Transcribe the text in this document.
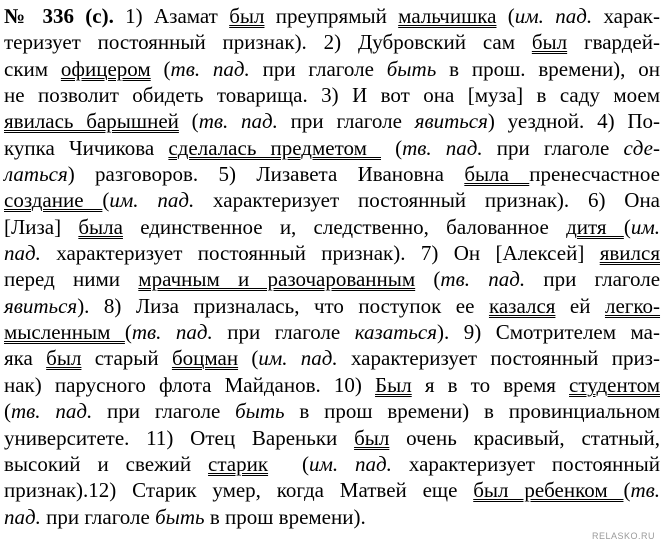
№ 336 (с). 1) Азамат был преупрямый мальчишка (им. пад. харак-
теризует постоянный признак). 2) Дубровский сам был гвардей-
ским офицером (тв. пад. при глаголе быть в прош. времени), он
не позволит обидеть товарища. 3) И вот она [муза] в саду моем
явилась барышней (тв. пад. при глаголе явиться) уездной. 4) По-
купка Чичикова сделалась предметом  (тв. пад. при глаголе сде-
латься) разговоров. 5) Лизавета Ивановна была пренесчастное
создание (им. пад. характеризует постоянный признак). 6) Она
[Лиза] была единственное и, следственно, балованное дитя (им.
пад. характеризует постоянный признак). 7) Он [Алексей] явился
перед ними мрачным и разочарованным (тв. пад. при глаголе
явиться). 8) Лиза призналась, что поступок ее казался ей легко-
мысленным (тв. пад. при глаголе казаться). 9) Смотрителем ма-
яка был старый боцман (им. пад. характеризует постоянный приз-
нак) парусного флота Майданов. 10) Был я в то время студентом
(тв. пад. при глаголе быть в прош времени) в провинциальном
университете. 11) Отец Вареньки был очень красивый, статный,
высокий и свежий старик  (им. пад. характеризует постоянный
признак).12) Старик умер, когда Матвей еще был ребенком (тв.
пад. при глаголе быть в прош времени).
RELASKO.RU
